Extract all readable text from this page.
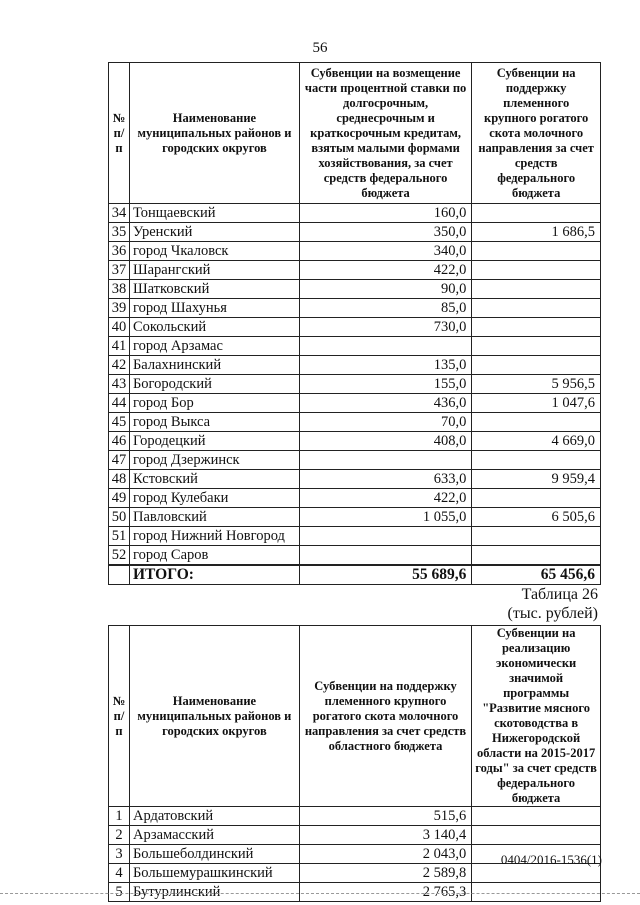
56
№ п/п	Наименование муниципальных районов и городских округов	Субвенции на возмещение части процентной ставки по долгосрочным, среднесрочным и краткосрочным кредитам, взятым малыми формами хозяйствования, за счет средств федерального бюджета	Субвенции на поддержку племенного крупного рогатого скота молочного направления за счет средств федерального бюджета
34	Тонщаевский	160,0	
35	Уренский	350,0	1 686,5
36	город Чкаловск	340,0	
37	Шарангский	422,0	
38	Шатковский	90,0	
39	город Шахунья	85,0	
40	Сокольский	730,0	
41	город Арзамас		
42	Балахнинский	135,0	
43	Богородский	155,0	5 956,5
44	город Бор	436,0	1 047,6
45	город Выкса	70,0	
46	Городецкий	408,0	4 669,0
47	город Дзержинск		
48	Кстовский	633,0	9 959,4
49	город Кулебаки	422,0	
50	Павловский	1 055,0	6 505,6
51	город Нижний Новгород		
52	город Саров		
	ИТОГО:	55 689,6	65 456,6
Таблица 26
(тыс. рублей)
№ п/п	Наименование муниципальных районов и городских округов	Субвенции на поддержку племенного крупного рогатого скота молочного направления за счет средств областного бюджета	Субвенции на реализацию экономически значимой программы "Развитие мясного скотоводства в Нижегородской области на 2015-2017 годы" за счет средств федерального бюджета
1	Ардатовский	515,6	
2	Арзамасский	3 140,4	
3	Большеболдинский	2 043,0	
4	Большемурашкинский	2 589,8	
5	Бутурлинский	2 765,3	
0404/2016-1536(1)
